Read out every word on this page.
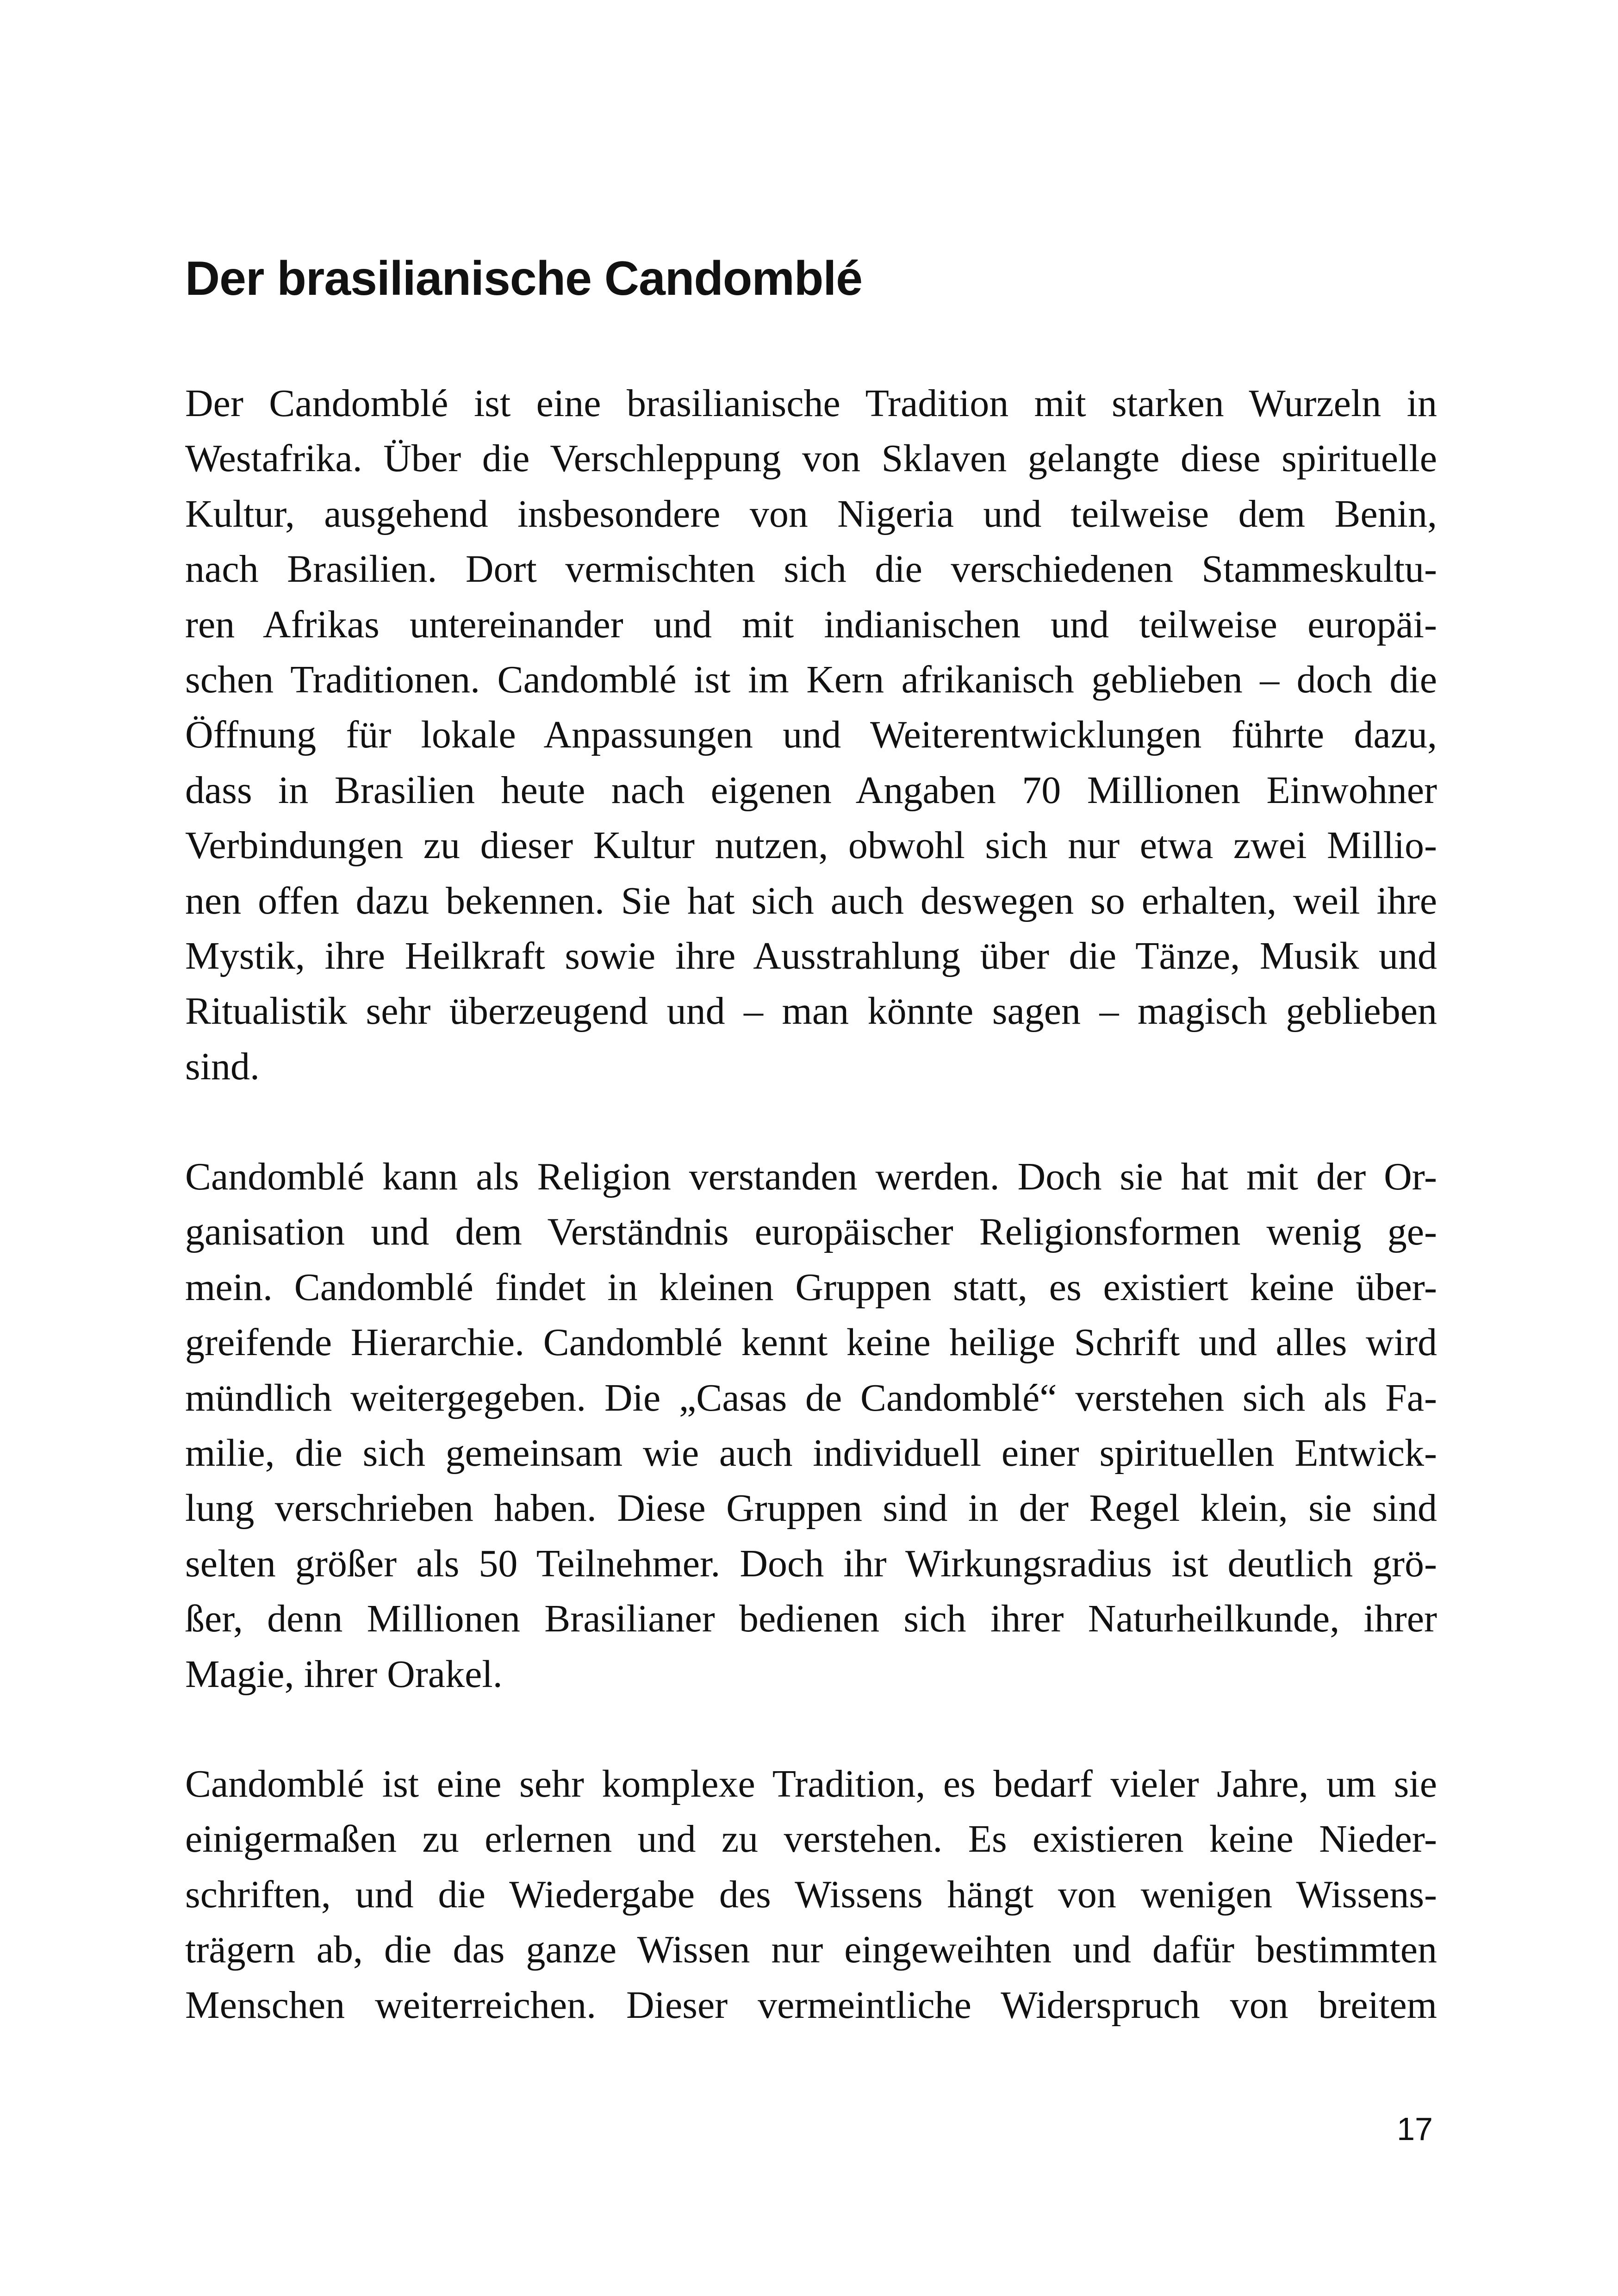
Der brasilianische Candomblé

Der Candomblé ist eine brasilianische Tradition mit starken Wurzeln in
Westafrika. Über die Verschleppung von Sklaven gelangte diese spirituelle
Kultur, ausgehend insbesondere von Nigeria und teilweise dem Benin,
nach Brasilien. Dort vermischten sich die verschiedenen Stammeskultu-
ren Afrikas untereinander und mit indianischen und teilweise europäi-
schen Traditionen. Candomblé ist im Kern afrikanisch geblieben – doch die
Öffnung für lokale Anpassungen und Weiterentwicklungen führte dazu,
dass in Brasilien heute nach eigenen Angaben 70 Millionen Einwohner
Verbindungen zu dieser Kultur nutzen, obwohl sich nur etwa zwei Millio-
nen offen dazu bekennen. Sie hat sich auch deswegen so erhalten, weil ihre
Mystik, ihre Heilkraft sowie ihre Ausstrahlung über die Tänze, Musik und
Ritualistik sehr überzeugend und – man könnte sagen – magisch geblieben
sind.

Candomblé kann als Religion verstanden werden. Doch sie hat mit der Or-
ganisation und dem Verständnis europäischer Religionsformen wenig ge-
mein. Candomblé findet in kleinen Gruppen statt, es existiert keine über-
greifende Hierarchie. Candomblé kennt keine heilige Schrift und alles wird
mündlich weitergegeben. Die „Casas de Candomblé“ verstehen sich als Fa-
milie, die sich gemeinsam wie auch individuell einer spirituellen Entwick-
lung verschrieben haben. Diese Gruppen sind in der Regel klein, sie sind
selten größer als 50 Teilnehmer. Doch ihr Wirkungsradius ist deutlich grö-
ßer, denn Millionen Brasilianer bedienen sich ihrer Naturheilkunde, ihrer
Magie, ihrer Orakel.

Candomblé ist eine sehr komplexe Tradition, es bedarf vieler Jahre, um sie
einigermaßen zu erlernen und zu verstehen. Es existieren keine Nieder-
schriften, und die Wiedergabe des Wissens hängt von wenigen Wissens-
trägern ab, die das ganze Wissen nur eingeweihten und dafür bestimmten
Menschen weiterreichen. Dieser vermeintliche Widerspruch von breitem

17
